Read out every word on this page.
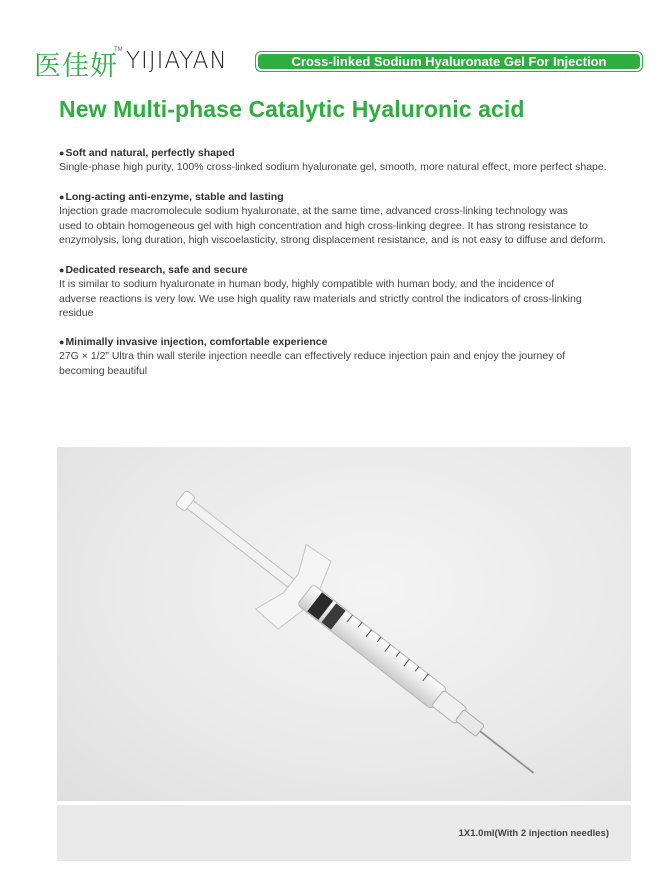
医佳妍
TM YIJIAYAN	Cross-linked Sodium Hyaluronate Gel For Injection
New Multi-phase Catalytic Hyaluronic acid
●Soft and natural, perfectly shaped

Single-phase high purity, 100% cross-linked sodium hyaluronate gel, smooth, more natural effect, more perfect shape.

●Long-acting anti-enzyme, stable and lasting

Injection grade macromolecule sodium hyaluronate, at the same time, advanced cross-linking technology was
used to obtain homogeneous gel with high concentration and high cross-linking degree. It has strong resistance to
enzymolysis, long duration, high viscoelasticity, strong displacement resistance, and is not easy to diffuse and deform.

●Dedicated research, safe and secure

It is similar to sodium hyaluronate in human body, highly compatible with human body, and the incidence of
adverse reactions is very low. We use high quality raw materials and strictly control the indicators of cross-linking
residue

●Minimally invasive injection, comfortable experience

27G × 1/2” Ultra thin wall sterile injection needle can effectively reduce injection pain and enjoy the journey of
becoming beautiful

1X1.0ml(With 2 injection needles)
